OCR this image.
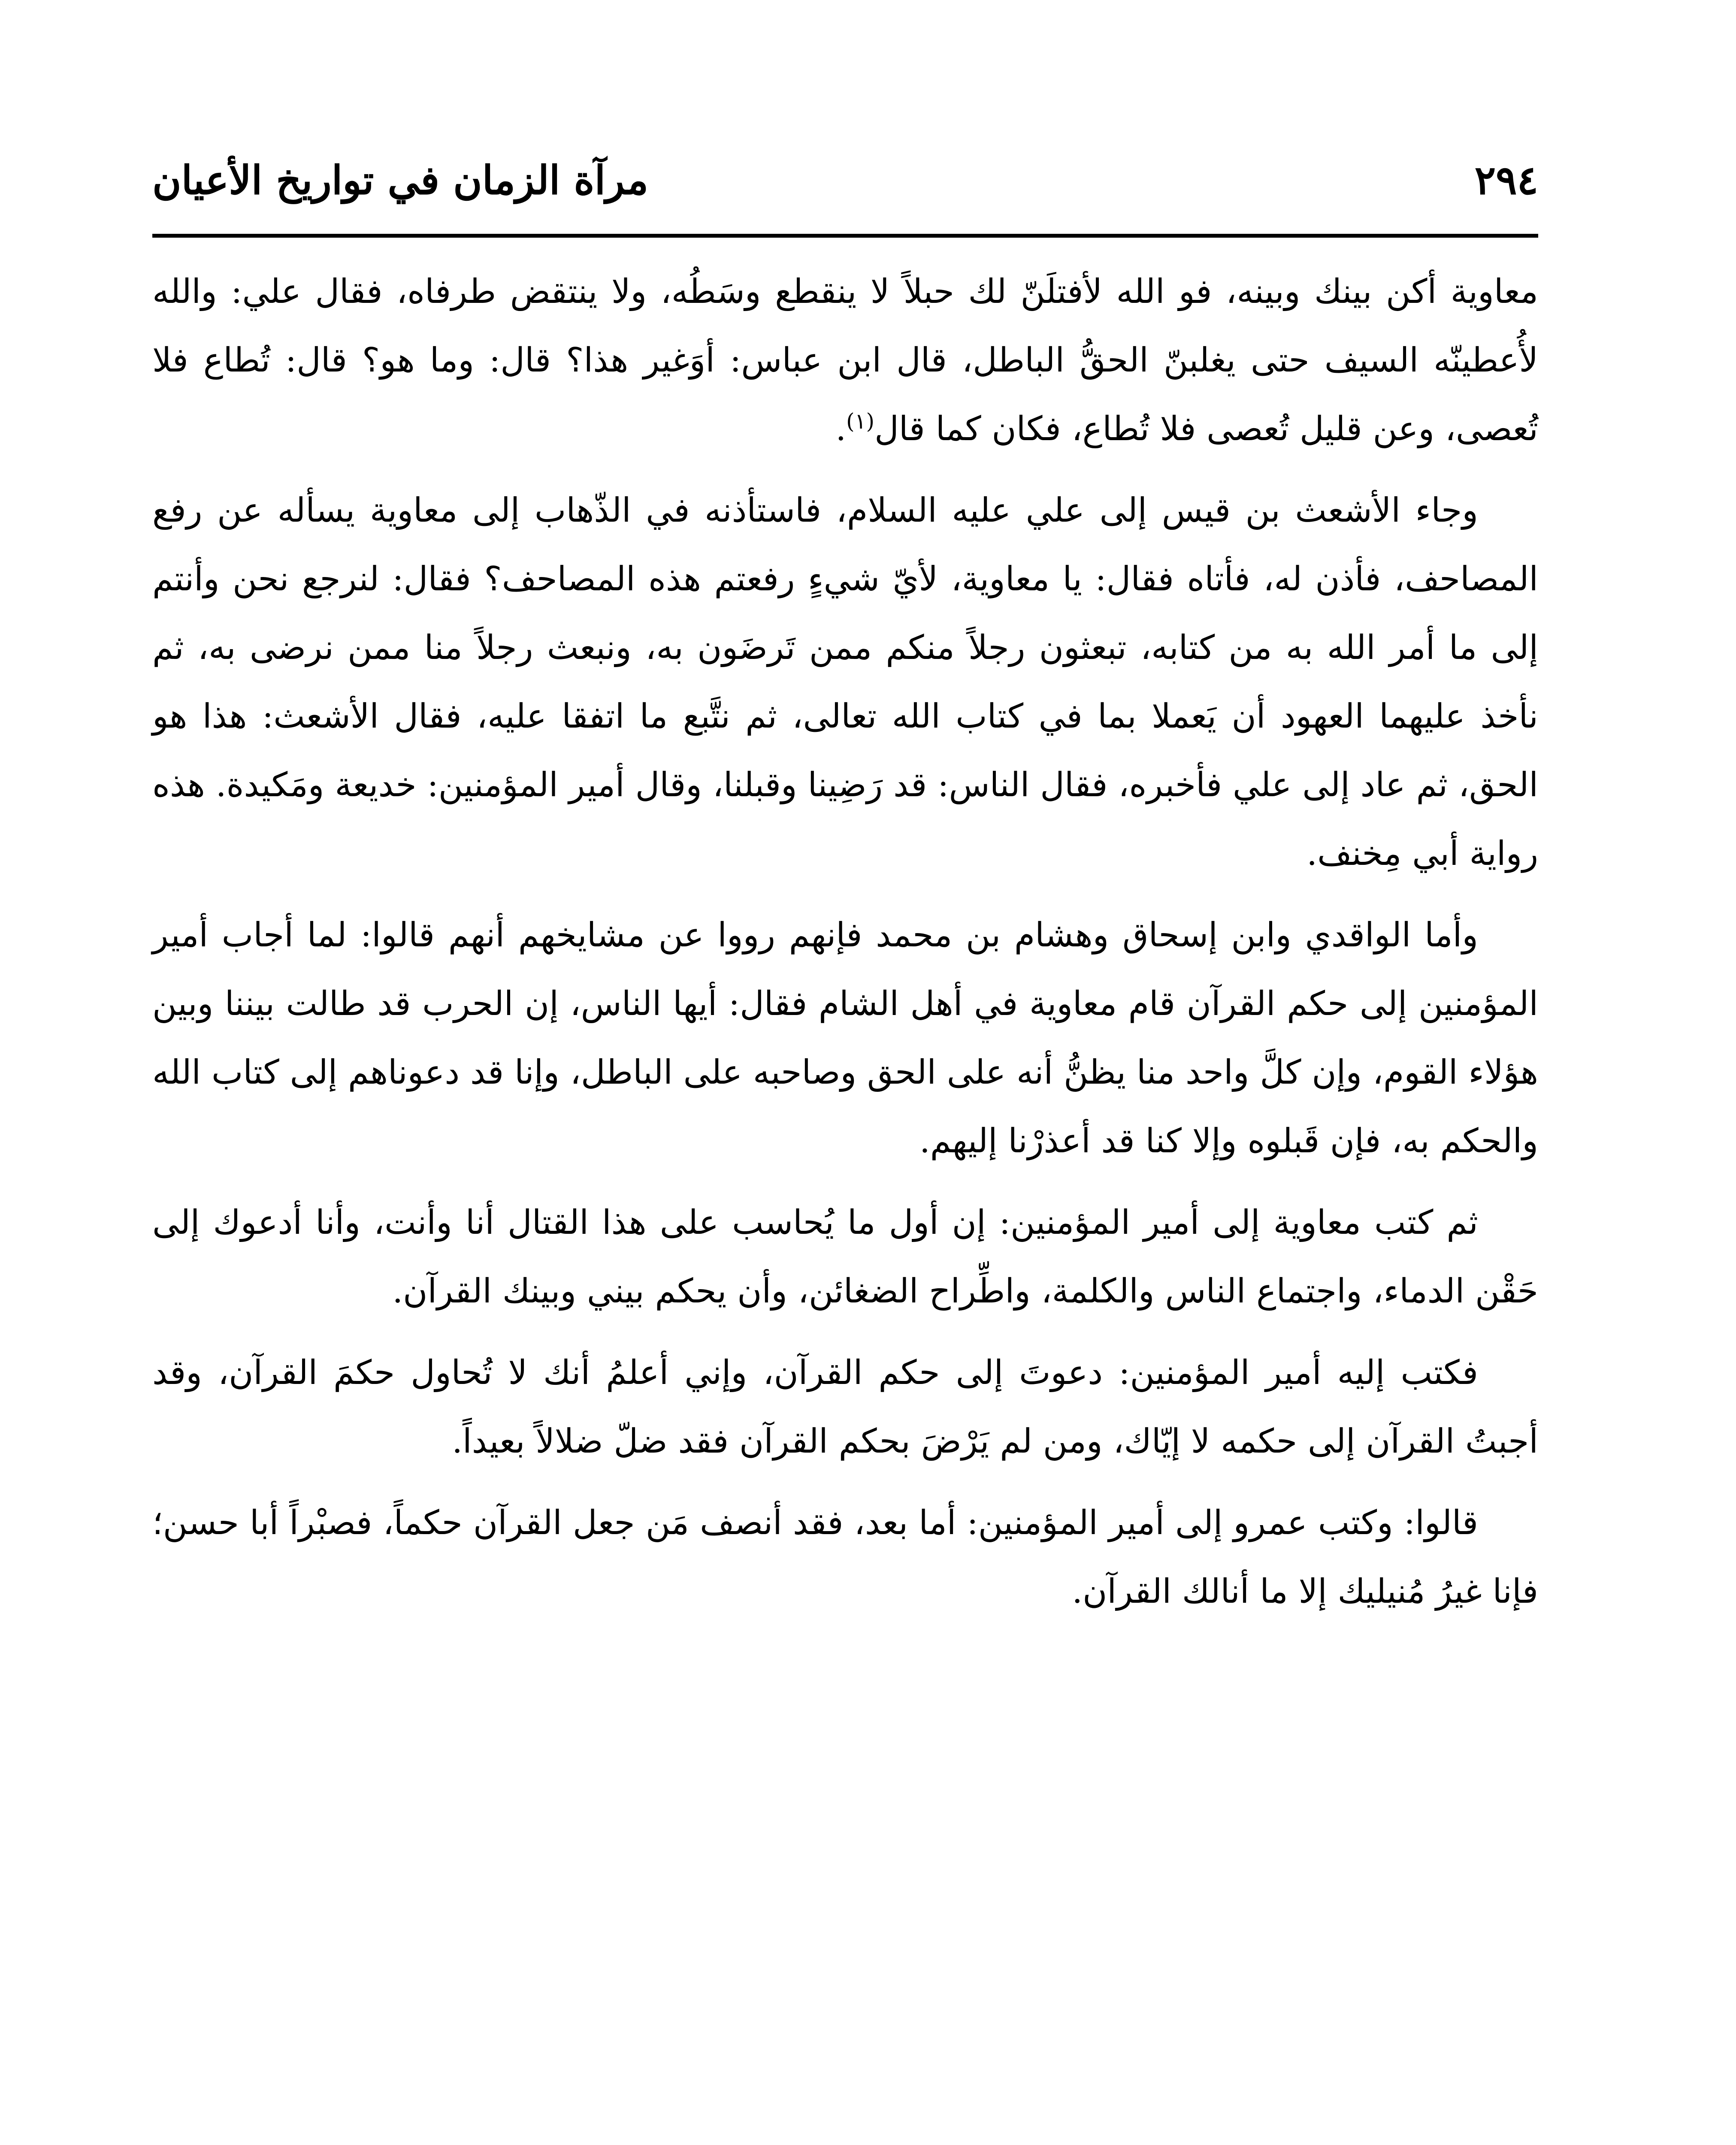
٢٩٤
مرآة الزمان في تواريخ الأعيان

معاوية أكن بينك وبينه، فو الله لأفتلَنّ لك حبلاً لا ينقطع وسَطُه، ولا ينتقض طرفاه، فقال علي: والله لأُعطينّه السيف حتى يغلبنّ الحقُّ الباطل، قال ابن عباس: أوَغير هذا؟ قال: وما هو؟ قال: تُطاع فلا تُعصى، وعن قليل تُعصى فلا تُطاع، فكان كما قال$^{(١)}$.

وجاء الأشعث بن قيس إلى علي عليه السلام، فاستأذنه في الذّهاب إلى معاوية يسأله عن رفع المصاحف، فأذن له، فأتاه فقال: يا معاوية، لأيّ شيءٍ رفعتم هذه المصاحف؟ فقال: لنرجع نحن وأنتم إلى ما أمر الله به من كتابه، تبعثون رجلاً منكم ممن تَرضَون به، ونبعث رجلاً منا ممن نرضى به، ثم نأخذ عليهما العهود أن يَعملا بما في كتاب الله تعالى، ثم نتَّبع ما اتفقا عليه، فقال الأشعث: هذا هو الحق، ثم عاد إلى علي فأخبره، فقال الناس: قد رَضِينا وقبلنا، وقال أمير المؤمنين: خديعة ومَكيدة. هذه رواية أبي مِخنف.

وأما الواقدي وابن إسحاق وهشام بن محمد فإنهم رووا عن مشايخهم أنهم قالوا: لما أجاب أمير المؤمنين إلى حكم القرآن قام معاوية في أهل الشام فقال: أيها الناس، إن الحرب قد طالت بيننا وبين هؤلاء القوم، وإن كلَّ واحد منا يظنُّ أنه على الحق وصاحبه على الباطل، وإنا قد دعوناهم إلى كتاب الله والحكم به، فإن قَبلوه وإلا كنا قد أعذرْنا إليهم.

ثم كتب معاوية إلى أمير المؤمنين: إن أول ما يُحاسب على هذا القتال أنا وأنت، وأنا أدعوك إلى حَقْن الدماء، واجتماع الناس والكلمة، واطِّراح الضغائن، وأن يحكم بيني وبينك القرآن.

فكتب إليه أمير المؤمنين: دعوتَ إلى حكم القرآن، وإني أعلمُ أنك لا تُحاول حكمَ القرآن، وقد أجبتُ القرآن إلى حكمه لا إيّاك، ومن لم يَرْضَ بحكم القرآن فقد ضلّ ضلالاً بعيداً.

قالوا: وكتب عمرو إلى أمير المؤمنين: أما بعد، فقد أنصف مَن جعل القرآن حكماً، فصبْراً أبا حسن؛ فإنا غيرُ مُنيليك إلا ما أنالك القرآن.
